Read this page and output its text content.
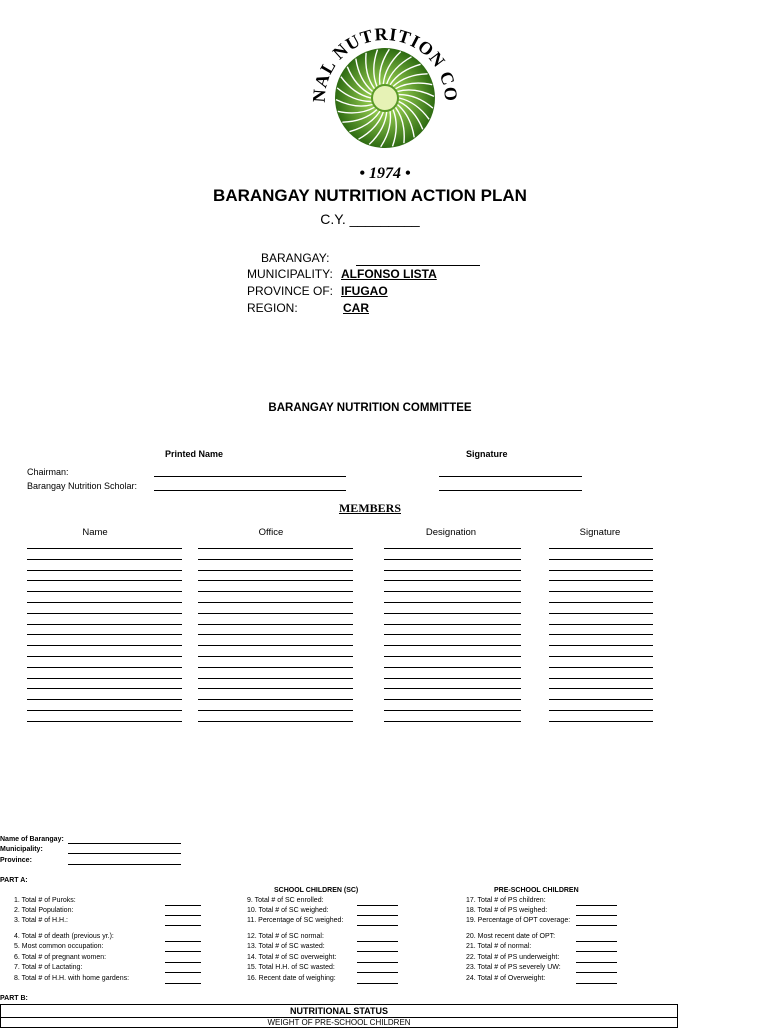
NAL NUTRITION CO
• 1974 •
BARANGAY NUTRITION ACTION PLAN
C.Y. _________
BARANGAY:
MUNICIPALITY: ALFONSO LISTA
PROVINCE OF: IFUGAO
REGION:	CAR
BARANGAY NUTRITION COMMITTEE
Printed Name	Signature
Chairman:
Barangay Nutrition Scholar:
MEMBERS
Name	Office	Designation	Signature
Name of Barangay:
Municipality:
Province:
PART A:
SCHOOL CHILDREN (SC)	PRE-SCHOOL CHILDREN
1. Total # of Puroks:
2. Total Population:
3. Total # of H.H.:
4. Total # of death (previous yr.):
5. Most common occupation:
6. Total # of pregnant women:
7. Total # of Lactating:
8. Total # of H.H. with home gardens:
9. Total # of SC enrolled:
10. Total # of SC weighed:
11. Percentage of SC weighed:
12. Total # of SC normal:
13. Total # of SC wasted:
14. Total # of SC overweight:
15. Total H.H. of SC wasted:
16. Recent date of weighing:
17. Total # of PS children:
18. Total # of PS weighed:
19. Percentage of OPT coverage:
20. Most recent date of OPT:
21. Total # of normal:
22. Total # of PS underweight:
23. Total # of PS severely UW:
24. Total # of Overweight:
PART B:
NUTRITIONAL STATUS
WEIGHT OF PRE-SCHOOL CHILDREN
